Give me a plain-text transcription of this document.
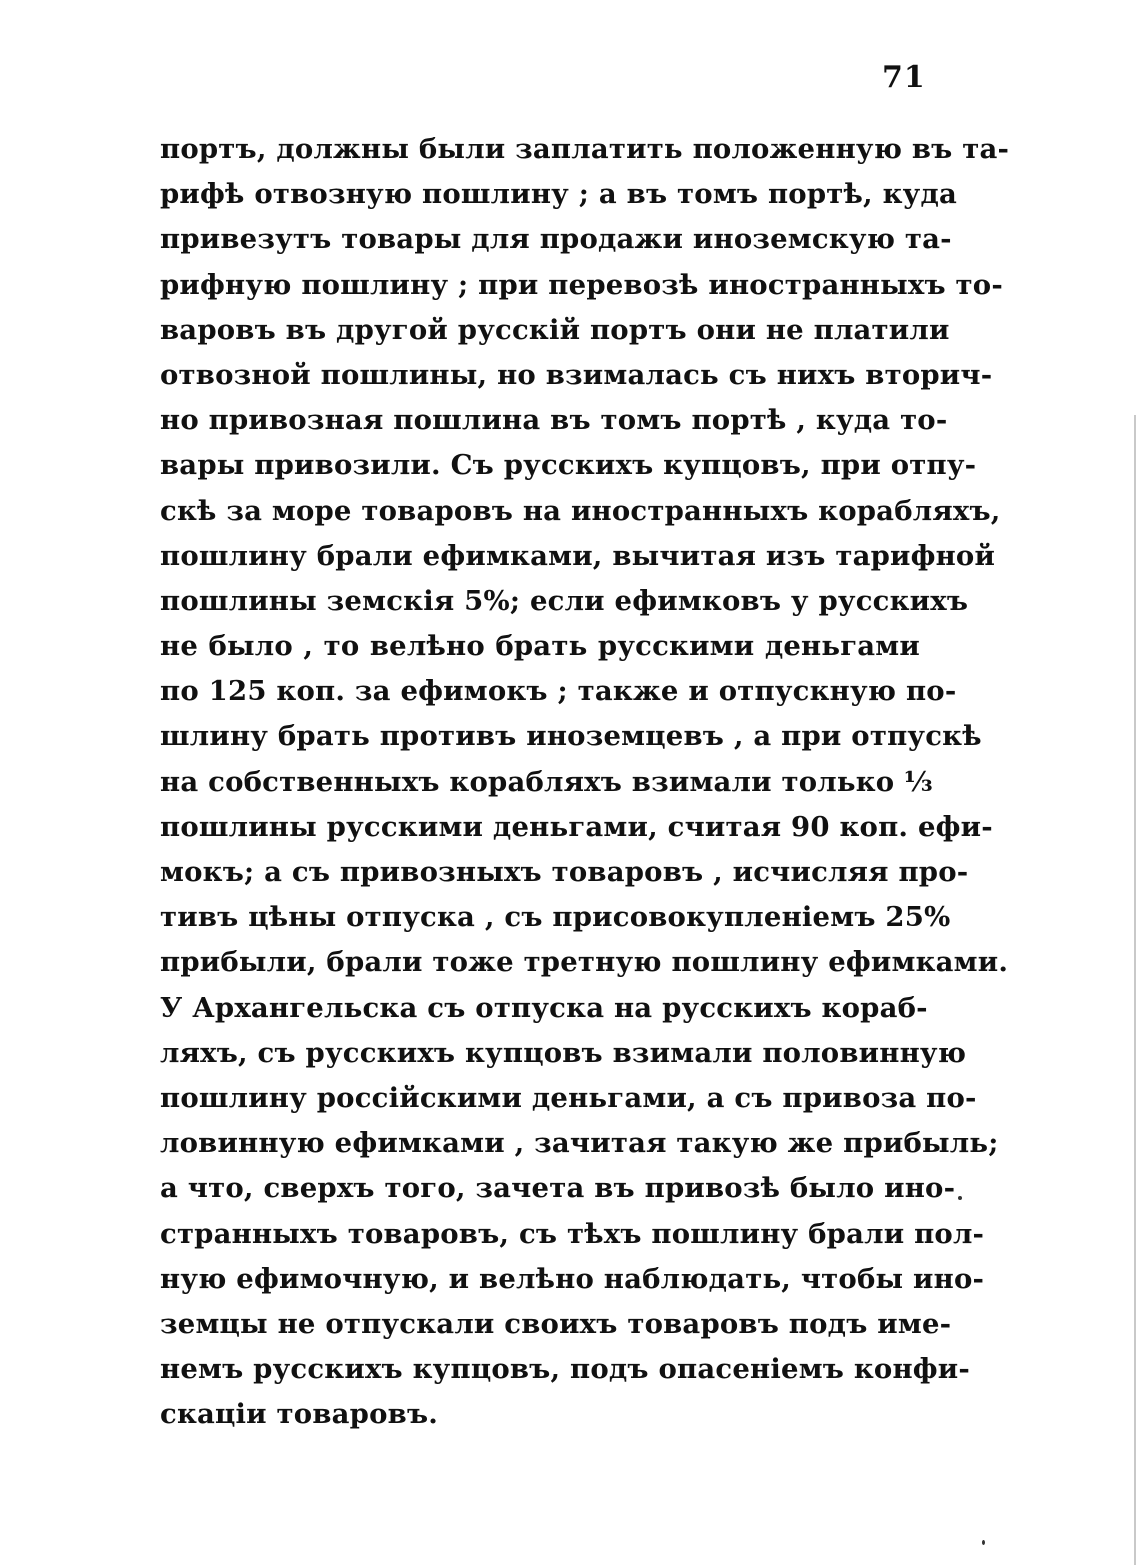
71
портъ, должны были заплатить положенную въ та-
рифѣ отвозную пошлину ; а въ томъ портѣ, куда
привезутъ товары для продажи иноземскую та-
рифную пошлину ; при перевозѣ иностранныхъ то-
варовъ въ другой русскій портъ они не платили
отвозной пошлины, но взималась съ нихъ вторич-
но привозная пошлина въ томъ портѣ , куда то-
вары привозили. Съ русскихъ купцовъ, при отпу-
скѣ за море товаровъ на иностранныхъ корабляхъ,
пошлину брали ефимками, вычитая изъ тарифной
пошлины земскія 5%; если ефимковъ у русскихъ
не было , то велѣно брать русскими деньгами
по 125 коп. за ефимокъ ; также и отпускную по-
шлину брать противъ иноземцевъ , а при отпускѣ
на собственныхъ корабляхъ взимали только ⅓
пошлины русскими деньгами, считая 90 коп. ефи-
мокъ; а съ привозныхъ товаровъ , исчисляя про-
тивъ цѣны отпуска , съ присовокупленіемъ 25%
прибыли, брали тоже третную пошлину ефимками.
У Архангельска съ отпуска на русскихъ кораб-
ляхъ, съ русскихъ купцовъ взимали половинную
пошлину россійскими деньгами, а съ привоза по-
ловинную ефимками , зачитая такую же прибыль;
а что, сверхъ того, зачета въ привозѣ было ино-
странныхъ товаровъ, съ тѣхъ пошлину брали пол-
ную ефимочную, и велѣно наблюдать, чтобы ино-
земцы не отпускали своихъ товаровъ подъ име-
немъ русскихъ купцовъ, подъ опасеніемъ конфи-
скаціи товаровъ.
